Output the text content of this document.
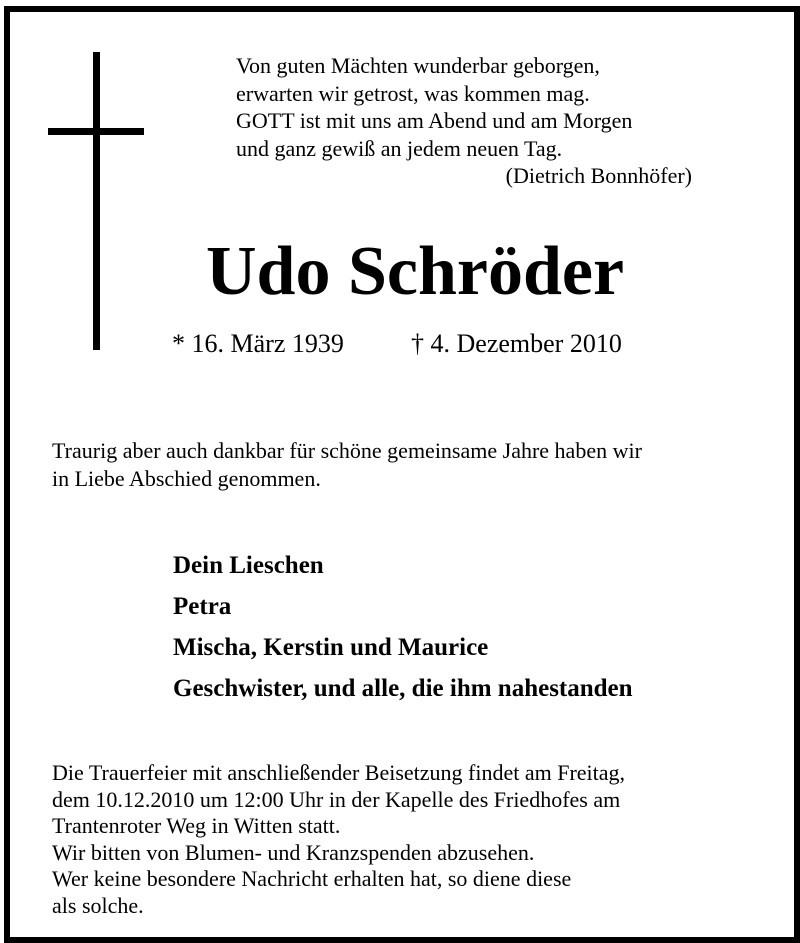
Von guten Mächten wunderbar geborgen,
erwarten wir getrost, was kommen mag.
GOTT ist mit uns am Abend und am Morgen
und ganz gewiß an jedem neuen Tag.
(Dietrich Bonnhöfer)
Udo Schröder
* 16. März 1939	† 4. Dezember 2010
Traurig aber auch dankbar für schöne gemeinsame Jahre haben wir
in Liebe Abschied genommen.
Dein Lieschen
Petra
Mischa, Kerstin und Maurice
Geschwister, und alle, die ihm nahestanden
Die Trauerfeier mit anschließender Beisetzung findet am Freitag,
dem 10.12.2010 um 12:00 Uhr in der Kapelle des Friedhofes am
Trantenroter Weg in Witten statt.
Wir bitten von Blumen- und Kranzspenden abzusehen.
Wer keine besondere Nachricht erhalten hat, so diene diese
als solche.
